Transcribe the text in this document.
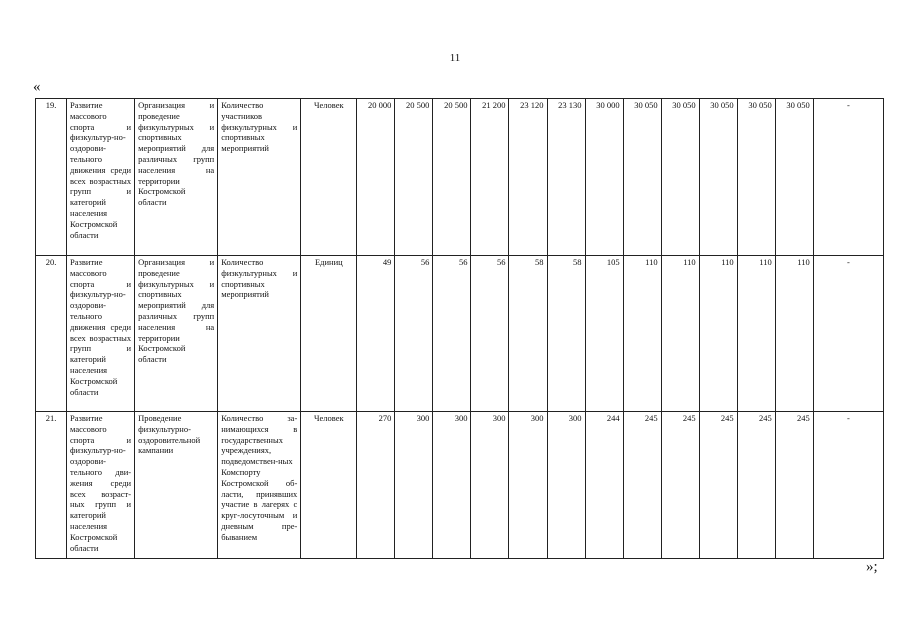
11
«
19.	Развитие массового спорта и физкультур-но-оздорови-тельного движения среди всех возрастных групп и категорий населения Костромской области	Организация и проведение физкультурных и спортивных мероприятий для различных групп населения на территории Костромской области	Количество участников физкультурных и спортивных мероприятий	Человек	20 000	20 500	20 500	21 200	23 120	23 130	30 000	30 050	30 050	30 050	30 050	30 050	-
20.	Развитие массового спорта и физкультур-но-оздорови-тельного движения среди всех возрастных групп и категорий населения Костромской области	Организация и проведение физкультурных и спортивных мероприятий для различных групп населения на территории Костромской области	Количество физкультурных и спортивных мероприятий	Единиц	49	56	56	56	58	58	105	110	110	110	110	110	-
21.	Развитие массового спорта и физкультур-но-оздорови-тельного дви-жения среди всех возраст-ных групп и категорий населения Костромской области	Проведение физкультурно-оздоровительной кампании	Количество за-нимающихся в государственных учреждениях, подведомствен-ных Комспорту Костромской об-ласти, принявших участие в лагерях с круг-лосуточным и дневным пре-быванием	Человек	270	300	300	300	300	300	244	245	245	245	245	245	-
»;
